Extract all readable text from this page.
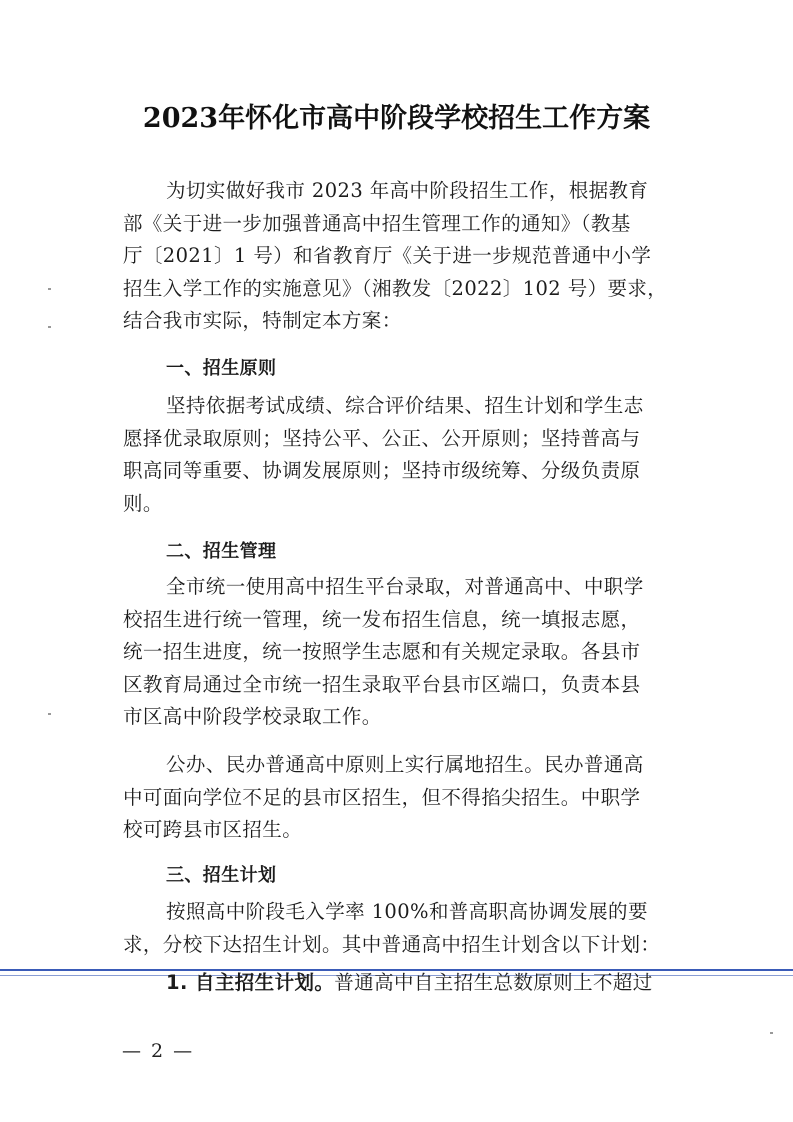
2023年怀化市高中阶段学校招生工作方案
为切实做好我市 2023 年高中阶段招生工作，根据教育
部《关于进一步加强普通高中招生管理工作的通知》（教基
厅〔2021〕1 号）和省教育厅《关于进一步规范普通中小学
招生入学工作的实施意见》（湘教发〔2022〕102 号）要求，
结合我市实际，特制定本方案：
一、招生原则
坚持依据考试成绩、综合评价结果、招生计划和学生志
愿择优录取原则；坚持公平、公正、公开原则；坚持普高与
职高同等重要、协调发展原则；坚持市级统筹、分级负责原
则。
二、招生管理
全市统一使用高中招生平台录取，对普通高中、中职学
校招生进行统一管理，统一发布招生信息，统一填报志愿，
统一招生进度，统一按照学生志愿和有关规定录取。各县市
区教育局通过全市统一招生录取平台县市区端口，负责本县
市区高中阶段学校录取工作。
公办、民办普通高中原则上实行属地招生。民办普通高
中可面向学位不足的县市区招生，但不得掐尖招生。中职学
校可跨县市区招生。
三、招生计划
按照高中阶段毛入学率 100%和普高职高协调发展的要
求，分校下达招生计划。其中普通高中招生计划含以下计划：
1. 自主招生计划。普通高中自主招生总数原则上不超过
— 2 —
